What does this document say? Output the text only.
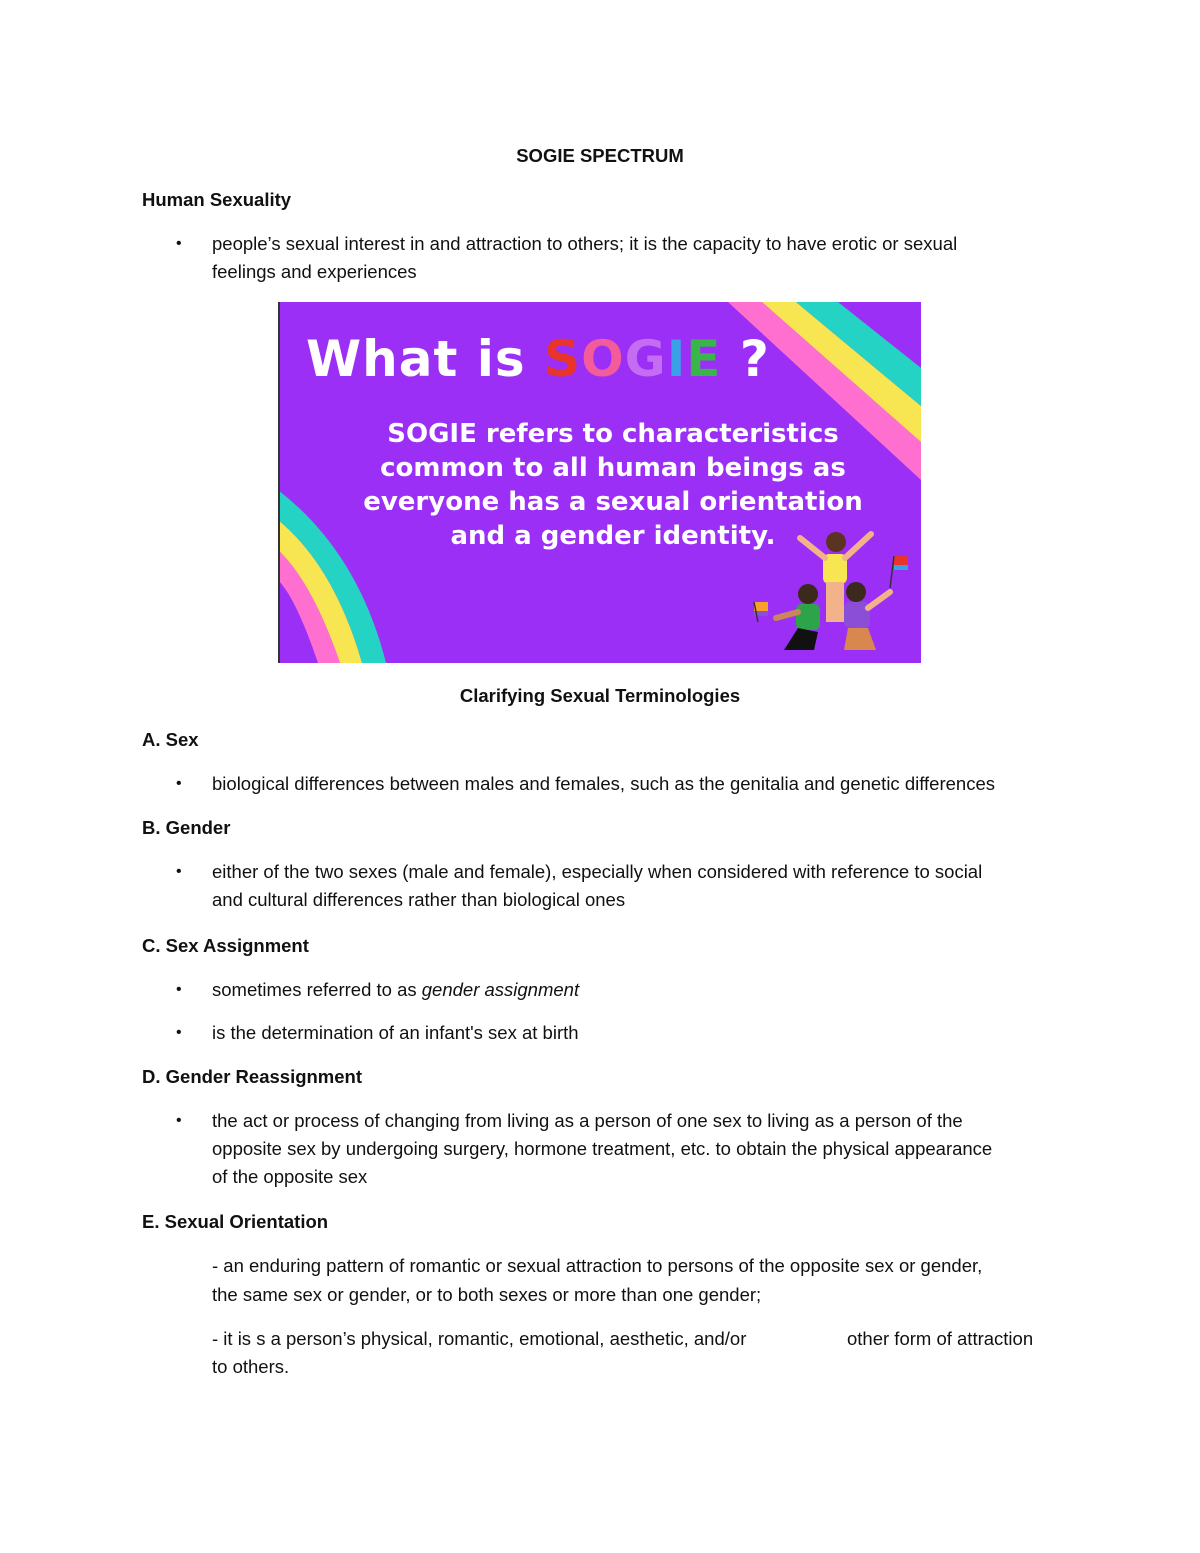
SOGIE SPECTRUM
Human Sexuality
• people’s sexual interest in and attraction to others; it is the capacity to have erotic or sexual
feelings and experiences
What is SOGIE ?
SOGIE refers to characteristics
common to all human beings as
everyone has a sexual orientation
and a gender identity.
Clarifying Sexual Terminologies
A. Sex
• biological differences between males and females, such as the genitalia and genetic differences
B. Gender
• either of the two sexes (male and female), especially when considered with reference to social
and cultural differences rather than biological ones
C. Sex Assignment
• sometimes referred to as gender assignment
• is the determination of an infant's sex at birth
D. Gender Reassignment
• the act or process of changing from living as a person of one sex to living as a person of the
opposite sex by undergoing surgery, hormone treatment, etc. to obtain the physical appearance
of the opposite sex
E. Sexual Orientation
- an enduring pattern of romantic or sexual attraction to persons of the opposite sex or gender,
the same sex or gender, or to both sexes or more than one gender;
- it is s a person’s physical, romantic, emotional, aesthetic, and/or	other form of attraction
to others.
